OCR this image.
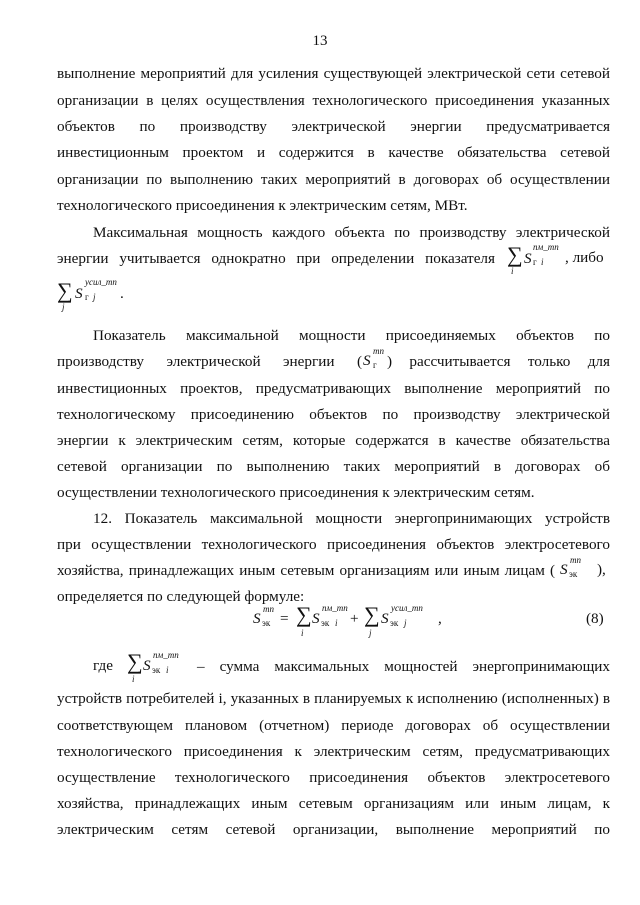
13
выполнение мероприятий для усиления существующей электрической сети сетевой
организации в целях осуществления технологического присоединения указанных
объектов по производству электрической энергии предусматривается
инвестиционным проектом и содержится в качестве обязательства сетевой
организации по выполнению таких мероприятий в договорах об осуществлении
технологического присоединения к электрическим сетям, МВт.
Максимальная мощность каждого объекта по производству электрической
энергии учитывается однократно при определении показателя ∑ S
пм_тп
г i
i
, либо
∑ S
усил_тп
г j
j
.
Показатель максимальной мощности присоединяемых объектов по
производству электрической энергии ( S
тп
г ) рассчитывается только для
инвестиционных проектов, предусматривающих выполнение мероприятий по
технологическому присоединению объектов по производству электрической
энергии к электрическим сетям, которые содержатся в качестве обязательства
сетевой организации по выполнению таких мероприятий в договорах об
осуществлении технологического присоединения к электрическим сетям.
12. Показатель максимальной мощности энергопринимающих устройств
при осуществлении технологического присоединения объектов электросетевого
хозяйства, принадлежащих иным сетевым организациям или иным лицам ( S
тп
эк ),
определяется по следующей формуле:
S
тп
эк = ∑
i
S
пм_тп
эк i + ∑
j
S
усил_тп
эк j ,	(8)
где ∑
i
S
пм_тп
эк i – сумма максимальных мощностей энергопринимающих
устройств потребителей i, указанных в планируемых к исполнению (исполненных) в
соответствующем плановом (отчетном) периоде договорах об осуществлении
технологического присоединения к электрическим сетям, предусматривающих
осуществление технологического присоединения объектов электросетевого
хозяйства, принадлежащих иным сетевым организациям или иным лицам, к
электрическим сетям сетевой организации, выполнение мероприятий по
